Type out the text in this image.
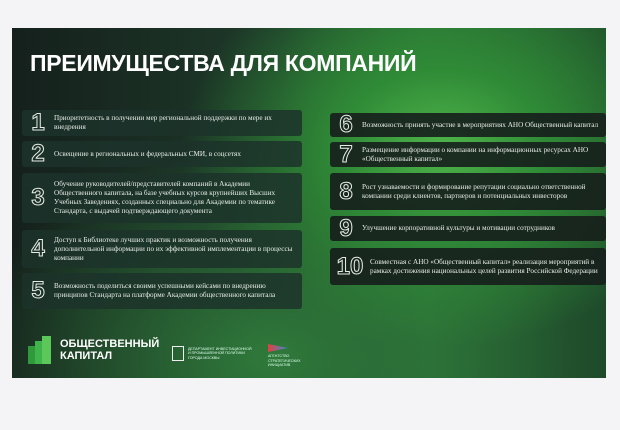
ПРЕИМУЩЕСТВА ДЛЯ КОМПАНИЙ
1	Приоритетность в получении мер региональной поддержки по мере их внедрения
2	Освещение в региональных и федеральных СМИ, в соцсетях
3	Обучение руководителей/представителей компаний в Академии Общественного капитала, на базе учебных курсов крупнейших Высших Учебных Заведениях, созданных специально для Академии по тематике Стандарта, с выдачей подтверждающего документа
4	Доступ к Библиотеке лучших практик и возможность получения дополнительной информации по их эффективной имплементации в процессы компании
5	Возможность поделиться своими успешными кейсами по внедрению принципов Стандарта на платформе Академии общественного капитала
6	Возможность принять участие в мероприятиях АНО Общественный капитал
7	Размещение информации о компании на информационных ресурсах АНО «Общественный капитал»
8	Рост узнаваемости и формирование репутации социально ответственной компании среди клиентов, партнеров и потенциальных инвесторов
9	Улучшение корпоративной культуры и мотивации сотрудников
10 Совместная с АНО «Общественный капитал» реализация мероприятий в рамках достижения национальных целей развития Российской Федерации
ОБЩЕСТВЕННЫЙ
КАПИТАЛ
ДЕПАРТАМЕНТ ИНВЕСТИЦИОННОЙ И ПРОМЫШЛЕННОЙ ПОЛИТИКИ ГОРОДА МОСКВЫ	АГЕНТСТВО СТРАТЕГИЧЕСКИХ ИНИЦИАТИВ
